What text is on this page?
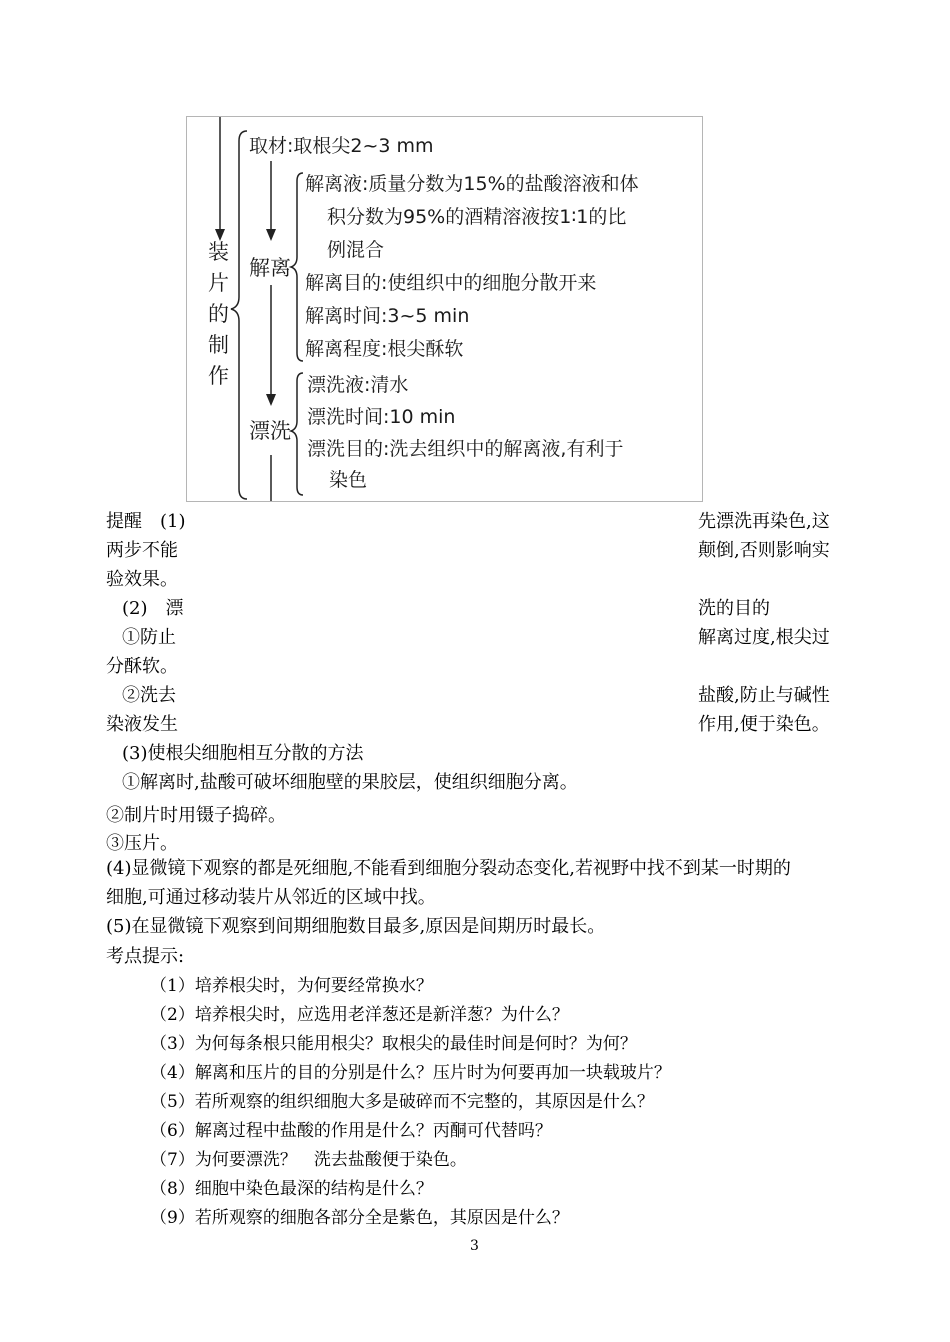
装片的制作
取材:取根尖2~3 mm
解离
解离液:质量分数为15%的盐酸溶液和体
积分数为95%的酒精溶液按1∶1的比
例混合
解离目的:使组织中的细胞分散开来
解离时间:3~5 min
解离程度:根尖酥软
漂洗
漂洗液:清水
漂洗时间:10 min
漂洗目的:洗去组织中的解离液,有利于
染色
提醒　(1)	先漂洗再染色,这
两步不能	颠倒,否则影响实
验效果。
(2)　漂	洗的目的
①防止	解离过度,根尖过
分酥软。
②洗去	盐酸,防止与碱性
染液发生	作用,便于染色。
(3)使根尖细胞相互分散的方法
①解离时,盐酸可破坏细胞壁的果胶层，使组织细胞分离。
②制片时用镊子捣碎。
③压片。
(4)显微镜下观察的都是死细胞,不能看到细胞分裂动态变化,若视野中找不到某一时期的
细胞,可通过移动装片从邻近的区域中找。
(5)在显微镜下观察到间期细胞数目最多,原因是间期历时最长。
考点提示:
（1）培养根尖时，为何要经常换水？
（2）培养根尖时，应选用老洋葱还是新洋葱？为什么？
（3）为何每条根只能用根尖？取根尖的最佳时间是何时？为何？
（4）解离和压片的目的分别是什么？压片时为何要再加一块载玻片？
（5）若所观察的组织细胞大多是破碎而不完整的，其原因是什么？
（6）解离过程中盐酸的作用是什么？丙酮可代替吗？
（7）为何要漂洗？　洗去盐酸便于染色。
（8）细胞中染色最深的结构是什么？
（9）若所观察的细胞各部分全是紫色，其原因是什么？
3
